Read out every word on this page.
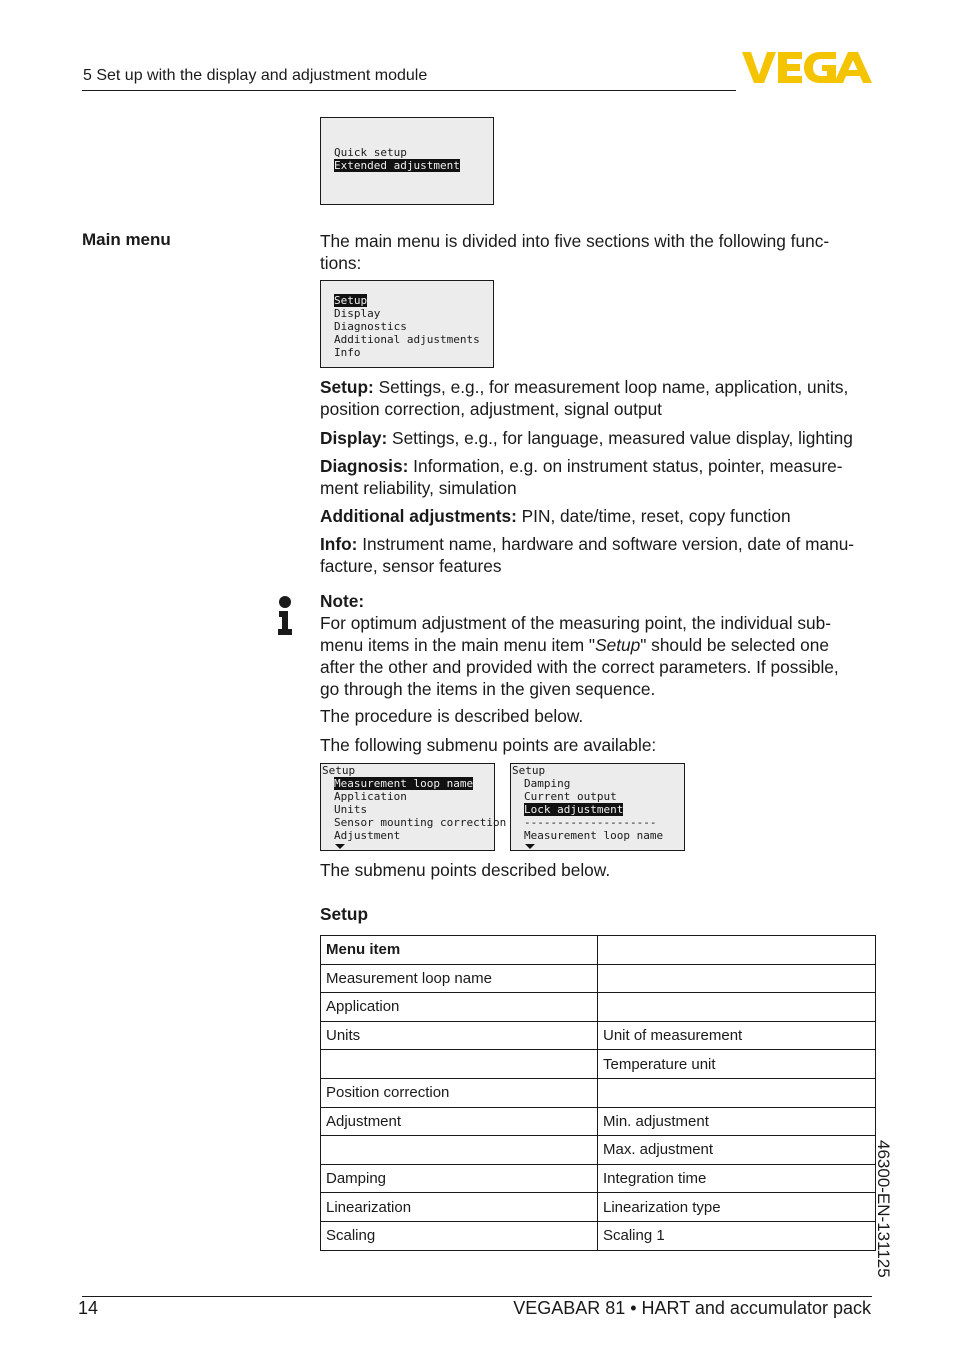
5 Set up with the display and adjustment module
Quick setup
Extended adjustment
Main menu	The main menu is divided into five sections with the following func-tions:
Setup
Display
Diagnostics
Additional adjustments
Info
Setup: Settings, e.g., for measurement loop name, application, units, position correction, adjustment, signal output
Display: Settings, e.g., for language, measured value display, lighting
Diagnosis: Information, e.g. on instrument status, pointer, measure-ment reliability, simulation
Additional adjustments: PIN, date/time, reset, copy function
Info: Instrument name, hardware and software version, date of manu-facture, sensor features
Note:
For optimum adjustment of the measuring point, the individual sub-menu items in the main menu item "Setup" should be selected one after the other and provided with the correct parameters. If possible, go through the items in the given sequence.
The procedure is described below.
The following submenu points are available:
Setup
Measurement loop name
Application
Units
Sensor mounting correction
Adjustment
Setup
Damping
Current output
Lock adjustment
--------------------
Measurement loop name
The submenu points described below.
Setup
Menu item	
Measurement loop name	
Application	
Units	Unit of measurement
	Temperature unit
Position correction	
Adjustment	Min. adjustment
	Max. adjustment
Damping	Integration time
Linearization	Linearization type
Scaling	Scaling 1	46300-EN-131125
14	VEGABAR 81 • HART and accumulator pack
